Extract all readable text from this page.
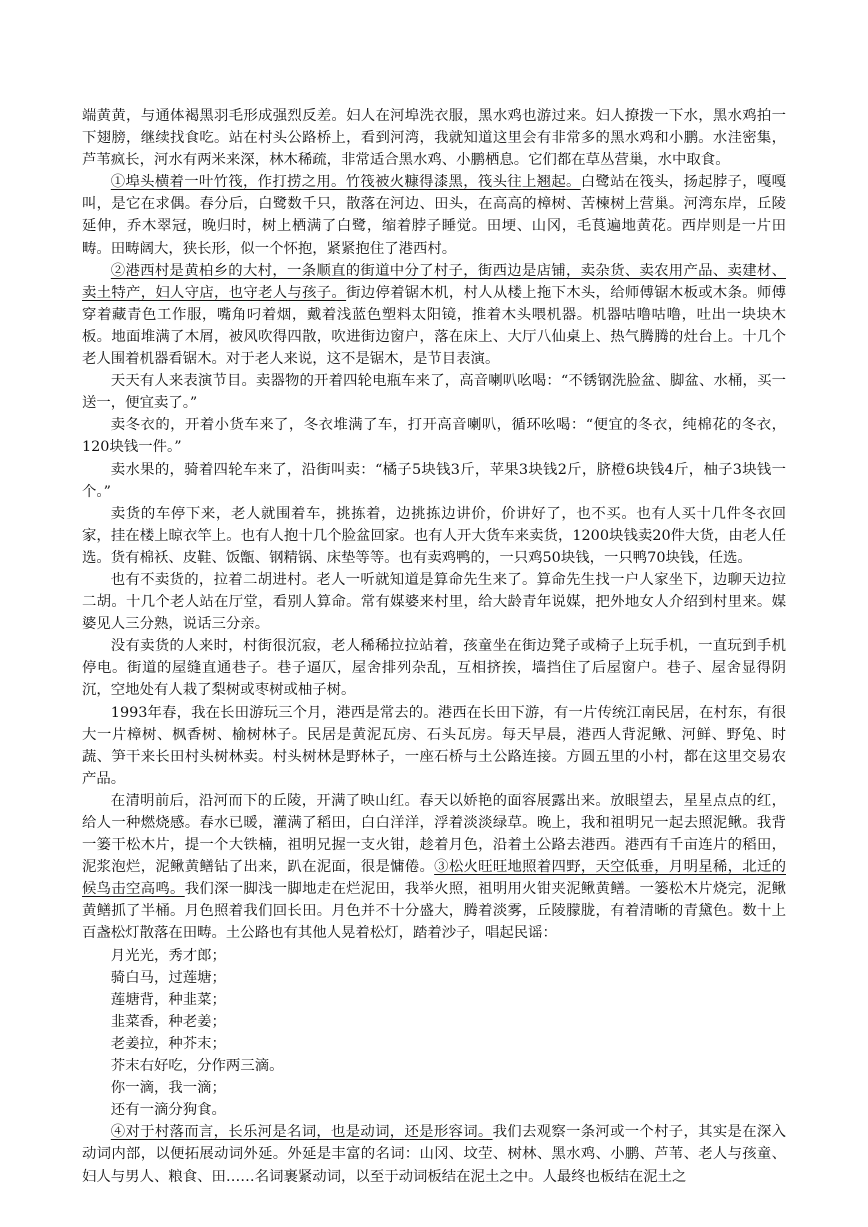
端黄黄，与通体褐黑羽毛形成强烈反差。妇人在河埠洗衣服，黑水鸡也游过来。妇人撩拨一下水，黑水鸡拍一下翅膀，继续找食吃。站在村头公路桥上，看到河湾，我就知道这里会有非常多的黑水鸡和小鹏。水洼密集，芦苇疯长，河水有两米来深，林木稀疏，非常适合黑水鸡、小鹏栖息。它们都在草丛营巢，水中取食。

①埠头横着一叶竹筏，作打捞之用。竹筏被火糠得漆黑，筏头往上翘起。白鹭站在筏头，扬起脖子，嘎嘎叫，是它在求偶。春分后，白鹭数千只，散落在河边、田头，在高高的樟树、苦楝树上营巢。河湾东岸，丘陵延伸，乔木翠冠，晚归时，树上栖满了白鹭，缩着脖子睡觉。田埂、山冈，毛茛遍地黄花。西岸则是一片田畴。田畴阔大，狭长形，似一个怀抱，紧紧抱住了港西村。

②港西村是黄柏乡的大村，一条顺直的街道中分了村子，街西边是店铺，卖杂货、卖农用产品、卖建材、卖土特产，妇人守店，也守老人与孩子。街边停着锯木机，村人从楼上拖下木头，给师傅锯木板或木条。师傅穿着藏青色工作服，嘴角叼着烟，戴着浅蓝色塑料太阳镜，推着木头喂机器。机器咕噜咕噜，吐出一块块木板。地面堆满了木屑，被风吹得四散，吹进街边窗户，落在床上、大厅八仙桌上、热气腾腾的灶台上。十几个老人围着机器看锯木。对于老人来说，这不是锯木，是节目表演。

天天有人来表演节目。卖器物的开着四轮电瓶车来了，高音喇叭吆喝：“不锈钢洗脸盆、脚盆、水桶，买一送一，便宜卖了。”

卖冬衣的，开着小货车来了，冬衣堆满了车，打开高音喇叭，循环吆喝：“便宜的冬衣，纯棉花的冬衣，120块钱一件。”

卖水果的，骑着四轮车来了，沿街叫卖：“橘子5块钱3斤，苹果3块钱2斤，脐橙6块钱4斤，柚子3块钱一个。”

卖货的车停下来，老人就围着车，挑拣着，边挑拣边讲价，价讲好了，也不买。也有人买十几件冬衣回家，挂在楼上晾衣竿上。也有人抱十几个脸盆回家。也有人开大货车来卖货，1200块钱卖20件大货，由老人任选。货有棉袄、皮鞋、饭甑、钢精锅、床垫等等。也有卖鸡鸭的，一只鸡50块钱，一只鸭70块钱，任选。

也有不卖货的，拉着二胡进村。老人一听就知道是算命先生来了。算命先生找一户人家坐下，边聊天边拉二胡。十几个老人站在厅堂，看别人算命。常有媒婆来村里，给大龄青年说媒，把外地女人介绍到村里来。媒婆见人三分熟，说话三分亲。

没有卖货的人来时，村街很沉寂，老人稀稀拉拉站着，孩童坐在街边凳子或椅子上玩手机，一直玩到手机停电。街道的屋缝直通巷子。巷子逼仄，屋舍排列杂乱，互相挤挨，墙挡住了后屋窗户。巷子、屋舍显得阴沉，空地处有人栽了梨树或枣树或柚子树。

1993年春，我在长田游玩三个月，港西是常去的。港西在长田下游，有一片传统江南民居，在村东，有很大一片樟树、枫香树、榆树林子。民居是黄泥瓦房、石头瓦房。每天早晨，港西人背泥鳅、河鲜、野兔、时蔬、笋干来长田村头树林卖。村头树林是野林子，一座石桥与土公路连接。方圆五里的小村，都在这里交易农产品。

在清明前后，沿河而下的丘陵，开满了映山红。春天以娇艳的面容展露出来。放眼望去，星星点点的红，给人一种燃烧感。春水已暖，灌满了稻田，白白洋洋，浮着淡淡绿草。晚上，我和祖明兄一起去照泥鳅。我背一篓干松木片，提一个大铁楠，祖明兄握一支火钳，趁着月色，沿着土公路去港西。港西有千亩连片的稻田，泥浆泡烂，泥鳅黄鳝钻了出来，趴在泥面，很是慵倦。③松火旺旺地照着四野，天空低垂，月明星稀，北迁的候鸟击空高鸣。我们深一脚浅一脚地走在烂泥田，我举火照，祖明用火钳夹泥鳅黄鳝。一篓松木片烧完，泥鳅黄鳝抓了半桶。月色照着我们回长田。月色并不十分盛大，腾着淡雾，丘陵朦胧，有着清晰的青黛色。数十上百盏松灯散落在田畴。土公路也有其他人晃着松灯，踏着沙子，唱起民谣：

月光光，秀才郎；

骑白马，过莲塘；

莲塘背，种韭菜；

韭菜香，种老姜；

老姜拉，种芥末；

芥末右好吃，分作两三滴。

你一滴，我一滴；

还有一滴分狗食。

④对于村落而言，长乐河是名词，也是动词，还是形容词。我们去观察一条河或一个村子，其实是在深入动词内部，以便拓展动词外延。外延是丰富的名词：山冈、坟茔、树林、黑水鸡、小鹏、芦苇、老人与孩童、妇人与男人、粮食、田……名词裹紧动词，以至于动词板结在泥土之中。人最终也板结在泥土之
